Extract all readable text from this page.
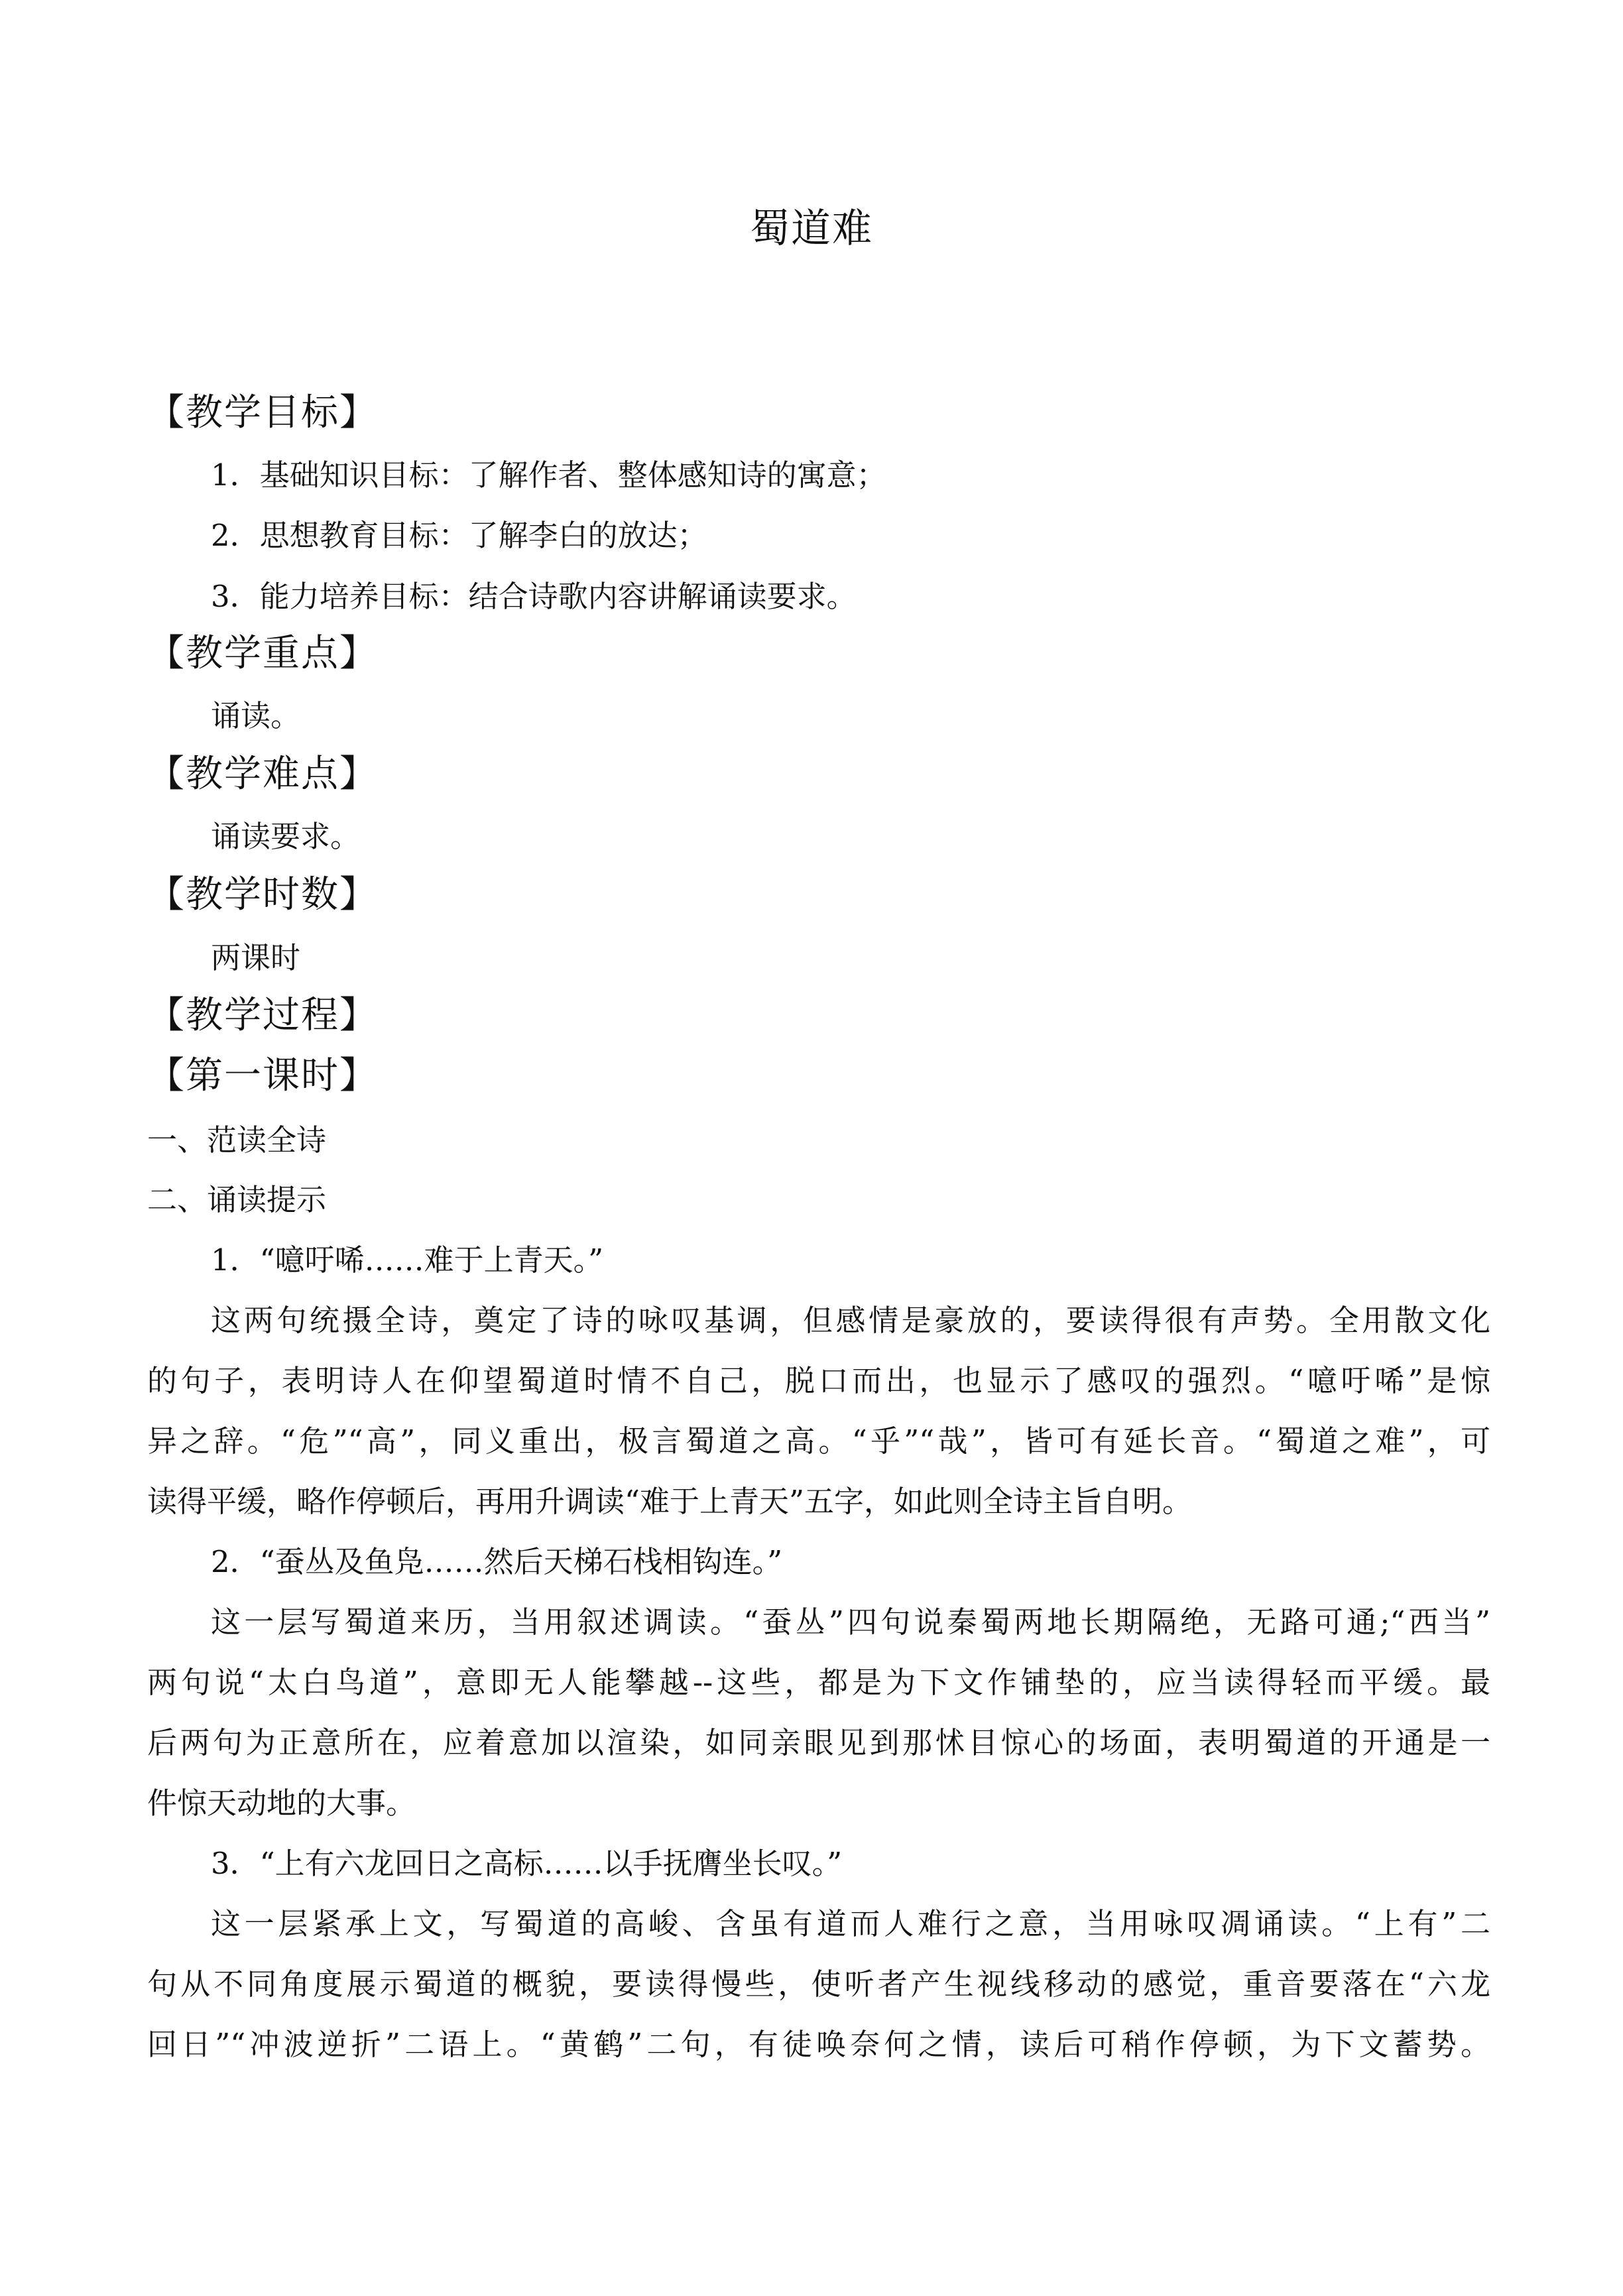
蜀道难
【教学目标】
1．基础知识目标：了解作者、整体感知诗的寓意；
2．思想教育目标：了解李白的放达；
3．能力培养目标：结合诗歌内容讲解诵读要求。
【教学重点】
诵读。
【教学难点】
诵读要求。
【教学时数】
两课时
【教学过程】
【第一课时】
一、范读全诗
二、诵读提示
1．“噫吁唏……难于上青天。”
这两句统摄全诗，奠定了诗的咏叹基调，但感情是豪放的，要读得很有声势。全用散文化
的句子，表明诗人在仰望蜀道时情不自己，脱口而出，也显示了感叹的强烈。“噫吁唏”是惊
异之辞。“危”“高”，同义重出，极言蜀道之高。“乎”“哉”，皆可有延长音。“蜀道之难”，可
读得平缓，略作停顿后，再用升调读“难于上青天”五字，如此则全诗主旨自明。
2．“蚕丛及鱼凫……然后天梯石栈相钩连。”
这一层写蜀道来历，当用叙述调读。“蚕丛”四句说秦蜀两地长期隔绝，无路可通;“西当”
两句说“太白鸟道”，意即无人能攀越--这些，都是为下文作铺垫的，应当读得轻而平缓。最
后两句为正意所在，应着意加以渲染，如同亲眼见到那怵目惊心的场面，表明蜀道的开通是一
件惊天动地的大事。
3．“上有六龙回日之高标……以手抚膺坐长叹。”
这一层紧承上文，写蜀道的高峻、含虽有道而人难行之意，当用咏叹凋诵读。“上有”二
句从不同角度展示蜀道的概貌，要读得慢些，使听者产生视线移动的感觉，重音要落在“六龙
回日”“冲波逆折”二语上。“黄鹤”二句，有徒唤奈何之情，读后可稍作停顿，为下文蓄势。
